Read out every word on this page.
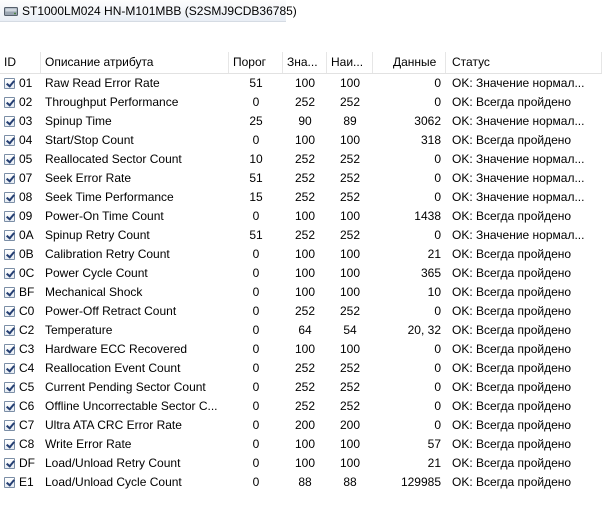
ST1000LM024 HN-M101MBB (S2SMJ9CDB36785)
ID	Описание атрибута	Порог	Зна...	Наи...	Данные	Статус
01	Raw Read Error Rate	51	100	100	0 OK: Значение нормал...
02	Throughput Performance	0	252	252	0 OK: Всегда пройдено
03	Spinup Time	25	90	89	3062 OK: Значение нормал...
04	Start/Stop Count	0	100	100	318 OK: Всегда пройдено
05	Reallocated Sector Count	10	252	252	0 OK: Значение нормал...
07	Seek Error Rate	51	252	252	0 OK: Значение нормал...
08	Seek Time Performance	15	252	252	0 OK: Значение нормал...
09	Power-On Time Count	0	100	100	1438 OK: Всегда пройдено
0A Spinup Retry Count	51	252	252	0 OK: Значение нормал...
0B Calibration Retry Count	0	100	100	21 OK: Всегда пройдено
0C Power Cycle Count	0	100	100	365 OK: Всегда пройдено
BF Mechanical Shock	0	100	100	10 OK: Всегда пройдено
C0 Power-Off Retract Count	0	252	252	0 OK: Всегда пройдено
C2 Temperature	0	64	54	20, 32 OK: Всегда пройдено
C3 Hardware ECC Recovered	0	100	100	0 OK: Всегда пройдено
C4 Reallocation Event Count	0	252	252	0 OK: Всегда пройдено
C5 Current Pending Sector Count	0	252	252	0 OK: Всегда пройдено
C6 Offline Uncorrectable Sector C...	0	252	252	0 OK: Всегда пройдено
C7 Ultra ATA CRC Error Rate	0	200	200	0 OK: Всегда пройдено
C8 Write Error Rate	0	100	100	57 OK: Всегда пройдено
DF Load/Unload Retry Count	0	100	100	21 OK: Всегда пройдено
E1 Load/Unload Cycle Count	0	88	88	129985 OK: Всегда пройдено
